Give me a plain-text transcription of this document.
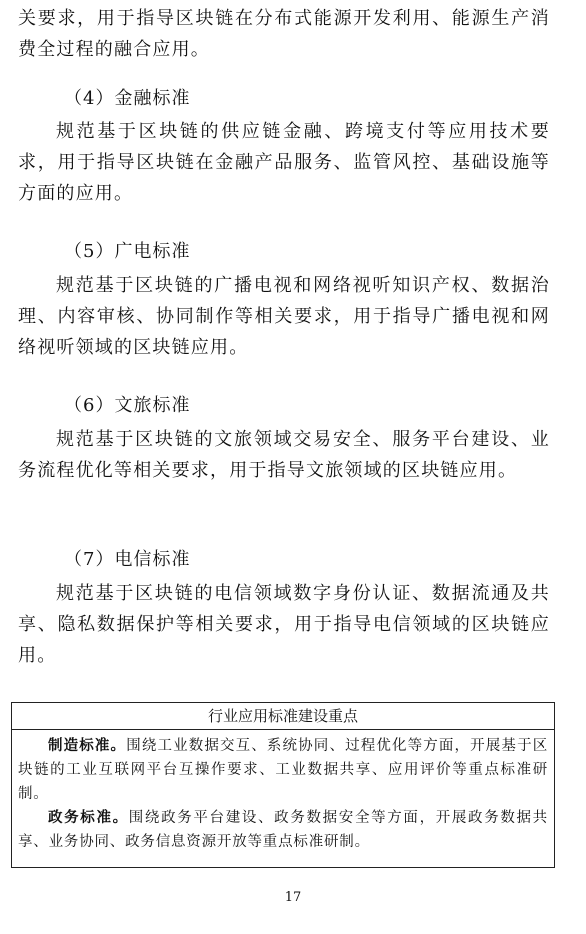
关要求，用于指导区块链在分布式能源开发利用、能源生产消费全过程的融合应用。

（4）金融标准

规范基于区块链的供应链金融、跨境支付等应用技术要求，用于指导区块链在金融产品服务、监管风控、基础设施等方面的应用。

（5）广电标准

规范基于区块链的广播电视和网络视听知识产权、数据治理、内容审核、协同制作等相关要求，用于指导广播电视和网络视听领域的区块链应用。

（6）文旅标准

规范基于区块链的文旅领域交易安全、服务平台建设、业务流程优化等相关要求，用于指导文旅领域的区块链应用。

（7）电信标准

规范基于区块链的电信领域数字身份认证、数据流通及共享、隐私数据保护等相关要求，用于指导电信领域的区块链应用。

行业应用标准建设重点

制造标准。围绕工业数据交互、系统协同、过程优化等方面，开展基于区块链的工业互联网平台互操作要求、工业数据共享、应用评价等重点标准研制。

政务标准。围绕政务平台建设、政务数据安全等方面，开展政务数据共享、业务协同、政务信息资源开放等重点标准研制。

17
